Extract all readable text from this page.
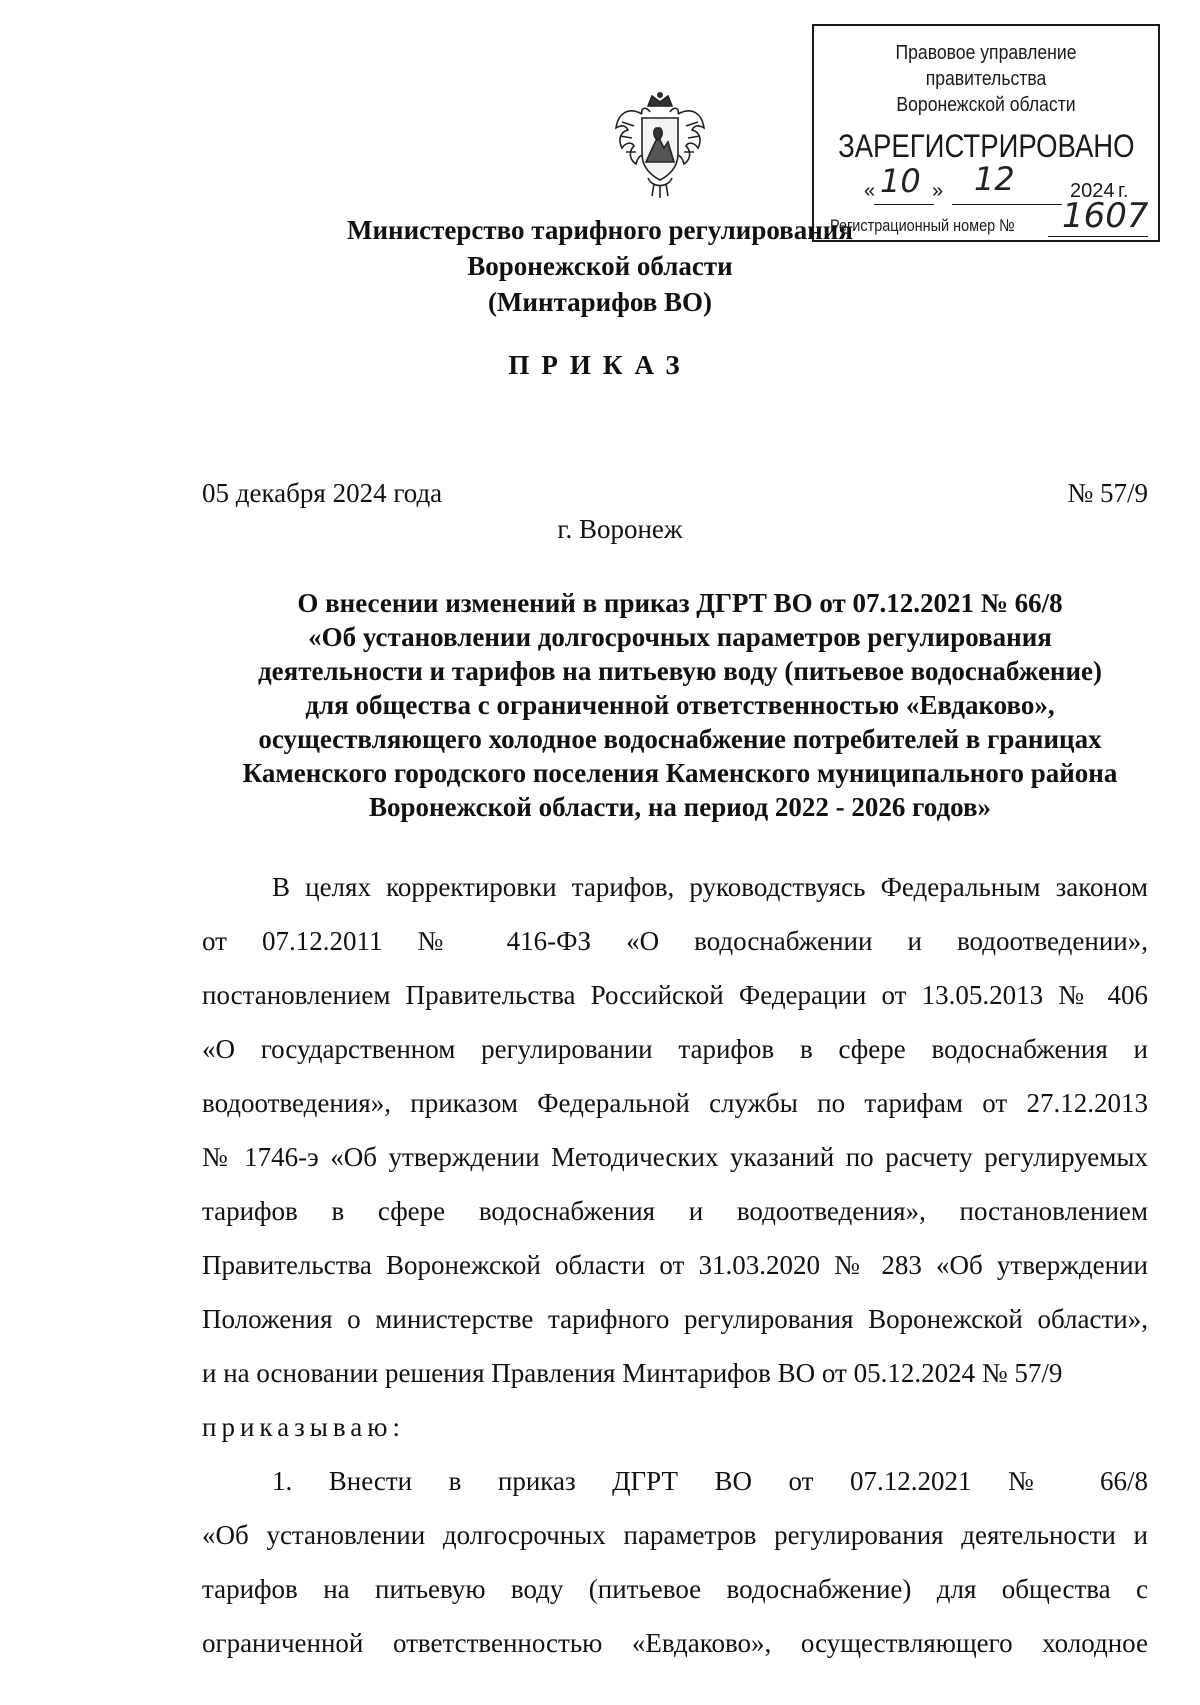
Правовое управление правительства
Воронежской области
ЗАРЕГИСТРИРОВАНО
« 10 » 12	2024 г.
Регистрационный номер № 1607
Министерство тарифного регулирования
Воронежской области
(Минтарифов ВО)
ПРИКАЗ
05 декабря 2024 года	№ 57/9
г. Воронеж
О внесении изменений в приказ ДГРТ ВО от 07.12.2021 № 66/8
«Об установлении долгосрочных параметров регулирования
деятельности и тарифов на питьевую воду (питьевое водоснабжение)
для общества с ограниченной ответственностью «Евдаково»,
осуществляющего холодное водоснабжение потребителей в границах
Каменского городского поселения Каменского муниципального района
Воронежской области, на период 2022 - 2026 годов»
В целях корректировки тарифов, руководствуясь Федеральным законом
от 07.12.2011 № 416-ФЗ «О водоснабжении и водоотведении»,
постановлением Правительства Российской Федерации от 13.05.2013 № 406
«О государственном регулировании тарифов в сфере водоснабжения и
водоотведения», приказом Федеральной службы по тарифам от 27.12.2013
№ 1746-э «Об утверждении Методических указаний по расчету регулируемых
тарифов в сфере водоснабжения и водоотведения», постановлением
Правительства Воронежской области от 31.03.2020 № 283 «Об утверждении
Положения о министерстве тарифного регулирования Воронежской области»,
и на основании решения Правления Минтарифов ВО от 05.12.2024 № 57/9
приказываю:
1. Внести в приказ ДГРТ ВО от 07.12.2021 № 66/8
«Об установлении долгосрочных параметров регулирования деятельности и
тарифов на питьевую воду (питьевое водоснабжение) для общества с
ограниченной ответственностью «Евдаково», осуществляющего холодное
